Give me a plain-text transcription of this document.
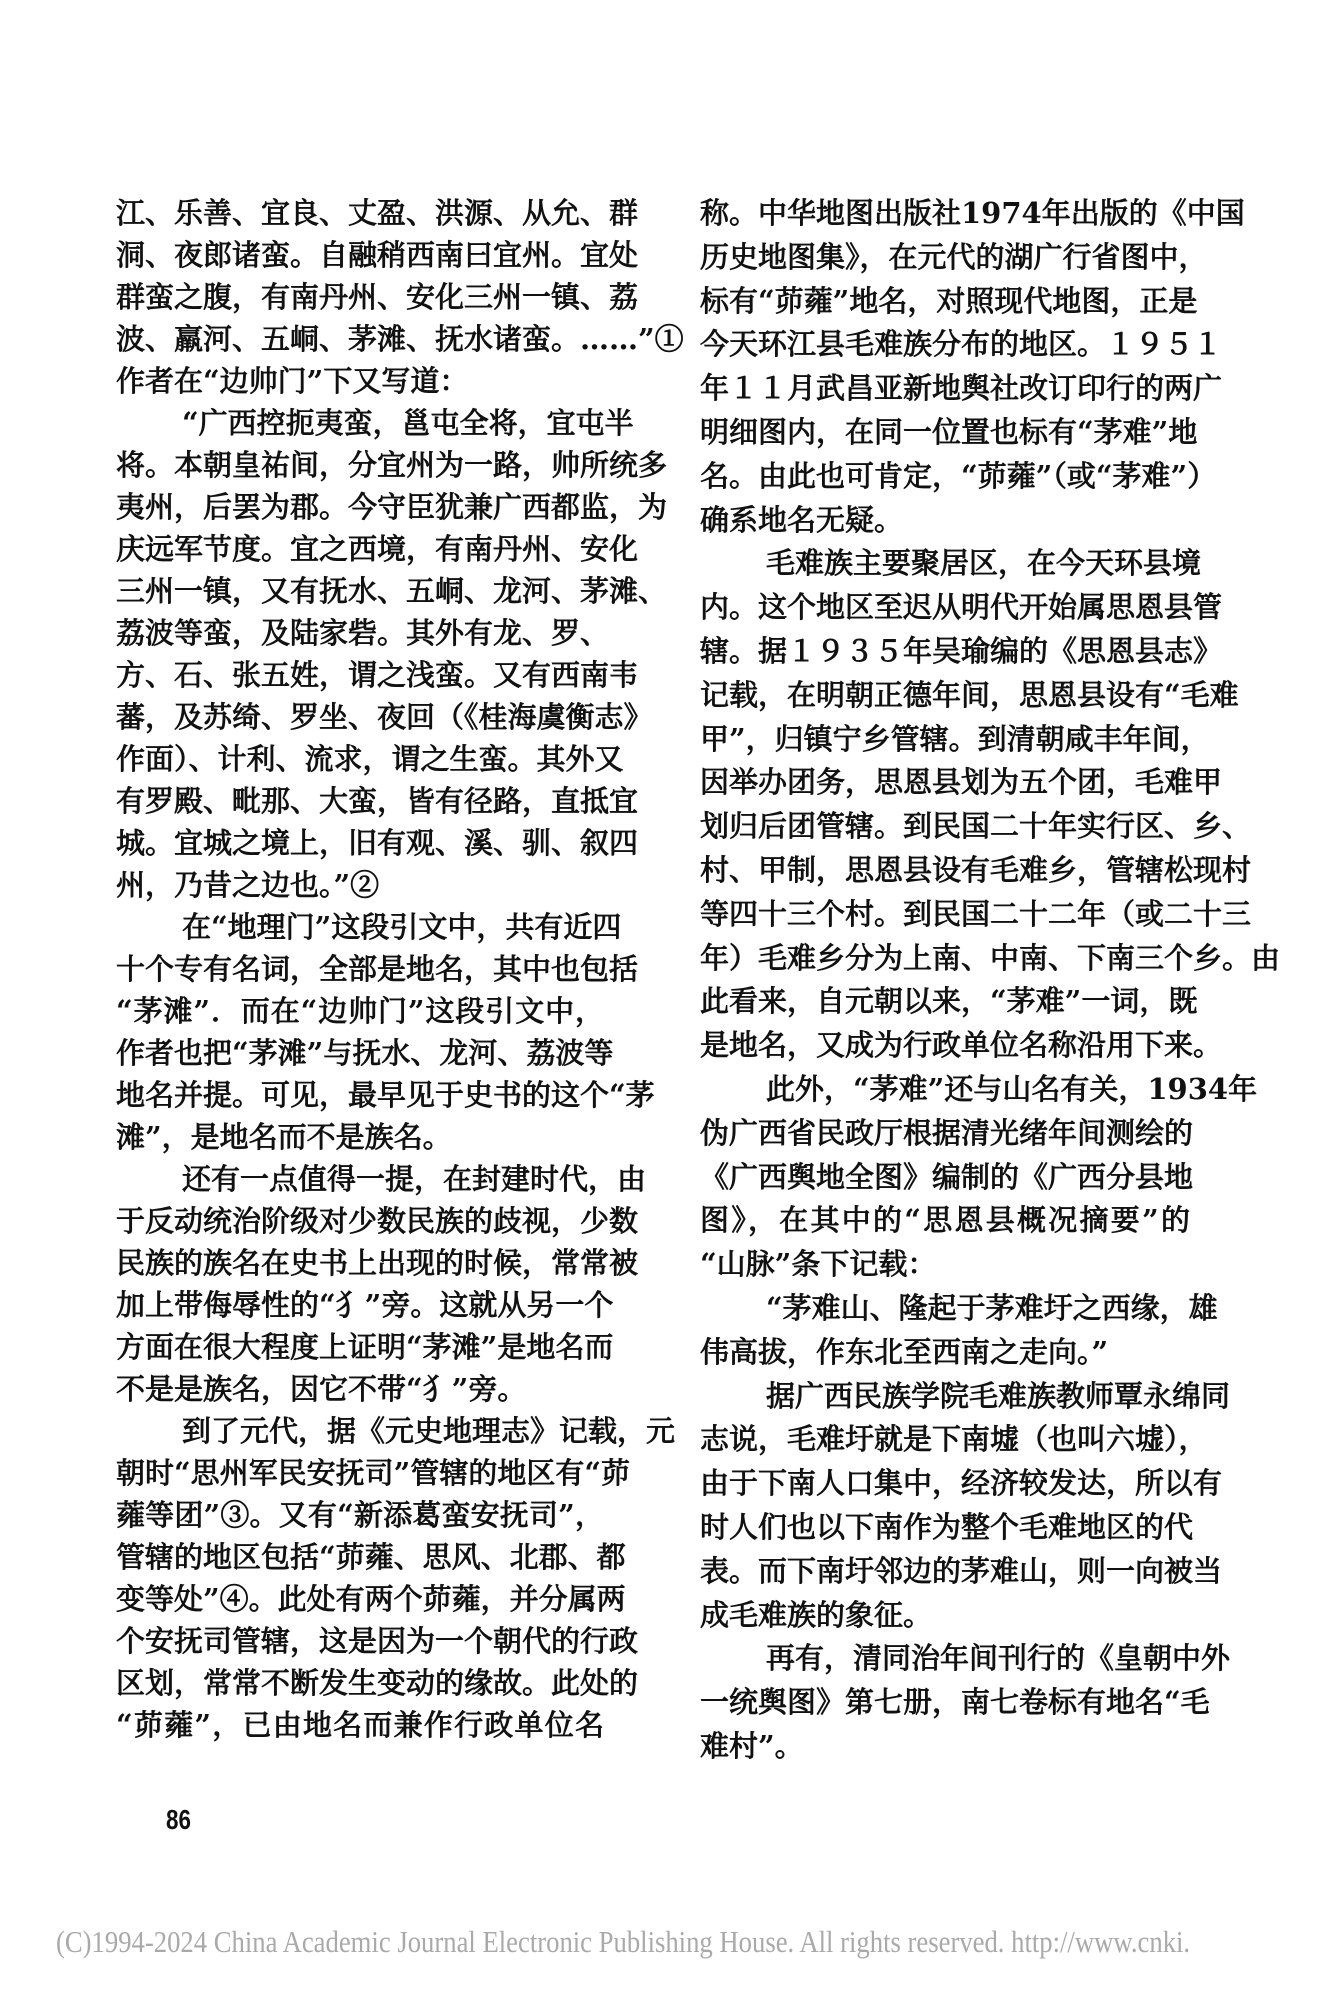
江、乐善、宜良、丈盈、洪源、从允、群
洞、夜郎诸蛮。自融稍西南曰宜州。宜处
群蛮之腹，有南丹州、安化三州一镇、荔
波、羸河、五峒、茅滩、抚水诸蛮。……”①
作者在“边帅门”下又写道：
“广西控扼夷蛮，邕屯全将，宜屯半
将。本朝皇祐间，分宜州为一路，帅所统多
夷州，后罢为郡。今守臣犹兼广西都监，为
庆远军节度。宜之西境，有南丹州、安化
三州一镇，又有抚水、五峒、龙河、茅滩、
荔波等蛮，及陆家砦。其外有龙、罗、
方、石、张五姓，谓之浅蛮。又有西南韦
蕃，及苏绮、罗坐、夜回（《桂海虞衡志》
作面）、计利、流求，谓之生蛮。其外又
有罗殿、毗那、大蛮，皆有径路，直抵宜
城。宜城之境上，旧有观、溪、驯、叙四
州，乃昔之边也。”②
在“地理门”这段引文中，共有近四
十个专有名词，全部是地名，其中也包括
“茅滩”．而在“边帅门”这段引文中，
作者也把“茅滩”与抚水、龙河、荔波等
地名并提。可见，最早见于史书的这个“茅
滩”，是地名而不是族名。
还有一点值得一提，在封建时代，由
于反动统治阶级对少数民族的歧视，少数
民族的族名在史书上出现的时候，常常被
加上带侮辱性的“犭”旁。这就从另一个
方面在很大程度上证明“茅滩”是地名而
不是是族名，因它不带“犭”旁。
到了元代，据《元史地理志》记载，元
朝时“思州军民安抚司”管辖的地区有“茆
蕹等团”③。又有“新添葛蛮安抚司”，
管辖的地区包括“茆蕹、思风、北郡、都
变等处”④。此处有两个茆蕹，并分属两
个安抚司管辖，这是因为一个朝代的行政
区划，常常不断发生变动的缘故。此处的
“茆蕹”，已由地名而兼作行政单位名
称。中华地图出版社1974年出版的《中国
历史地图集》，在元代的湖广行省图中，
标有“茆蕹”地名，对照现代地图，正是
今天环江县毛难族分布的地区。１９５１
年１１月武昌亚新地舆社改订印行的两广
明细图内，在同一位置也标有“茅难”地
名。由此也可肯定，“茆蕹”（或“茅难”）
确系地名无疑。
毛难族主要聚居区，在今天环县境
内。这个地区至迟从明代开始属思恩县管
辖。据１９３５年吴瑜编的《思恩县志》
记载，在明朝正德年间，思恩县设有“毛难
甲”，归镇宁乡管辖。到清朝咸丰年间，
因举办团务，思恩县划为五个团，毛难甲
划归后团管辖。到民国二十年实行区、乡、
村、甲制，思恩县设有毛难乡，管辖松现村
等四十三个村。到民国二十二年（或二十三
年）毛难乡分为上南、中南、下南三个乡。由
此看来，自元朝以来，“茅难”一词，既
是地名，又成为行政单位名称沿用下来。
此外，“茅难”还与山名有关，1934年
伪广西省民政厅根据清光绪年间测绘的
《广西舆地全图》编制的《广西分县地
图》，在其中的“思恩县概况摘要”的
“山脉”条下记载：
“茅难山、隆起于茅难圩之西缘，雄
伟高拔，作东北至西南之走向。”
据广西民族学院毛难族教师覃永绵同
志说，毛难圩就是下南墟（也叫六墟），
由于下南人口集中，经济较发达，所以有
时人们也以下南作为整个毛难地区的代
表。而下南圩邻边的茅难山，则一向被当
成毛难族的象征。
再有，清同治年间刊行的《皇朝中外
一统舆图》第七册，南七卷标有地名“毛
难村”。
86
(C)1994-2024 China Academic Journal Electronic Publishing House. All rights reserved. http://www.cnki.
